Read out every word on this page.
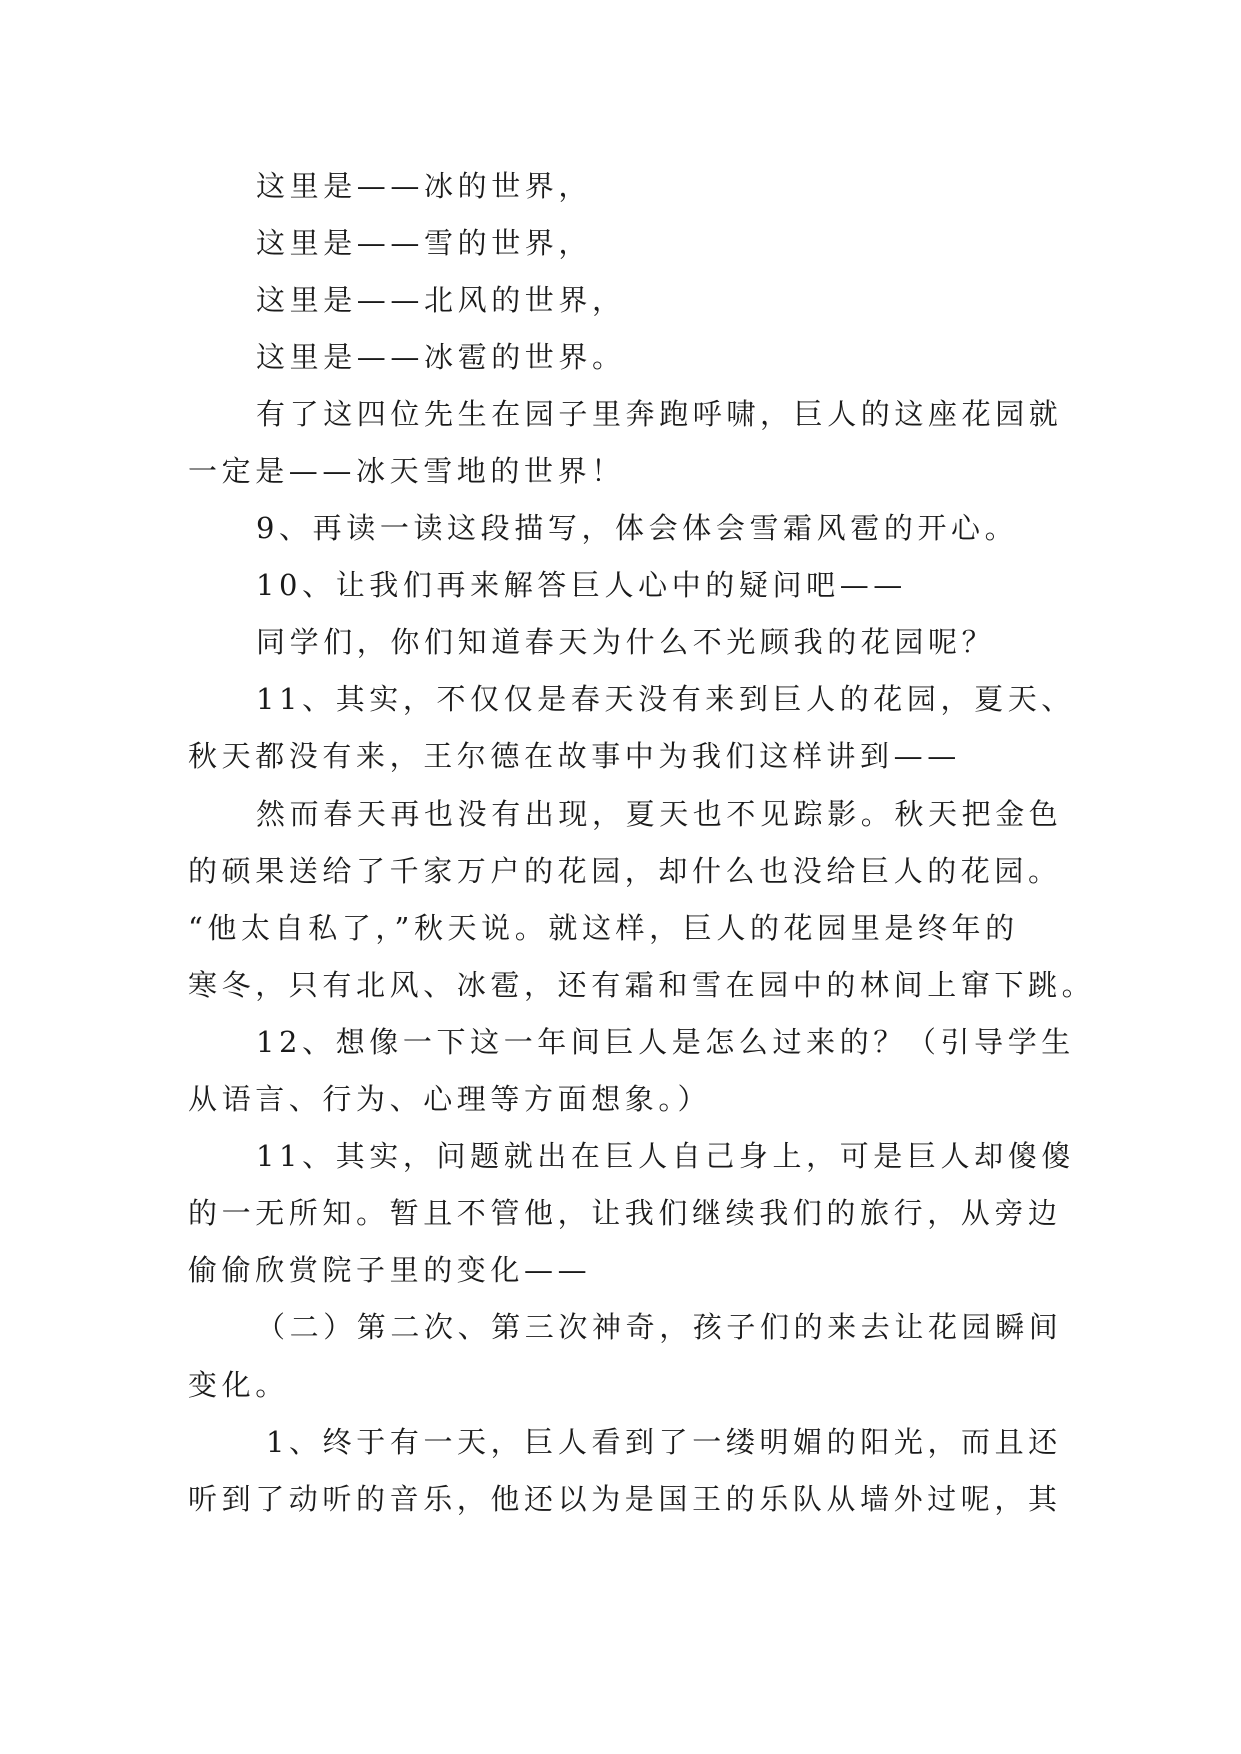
这里是——冰的世界，
这里是——雪的世界，
这里是——北风的世界，
这里是——冰雹的世界。
有了这四位先生在园子里奔跑呼啸，巨人的这座花园就
一定是——冰天雪地的世界！
9、再读一读这段描写，体会体会雪霜风雹的开心。
10、让我们再来解答巨人心中的疑问吧——
同学们，你们知道春天为什么不光顾我的花园呢？
11、其实，不仅仅是春天没有来到巨人的花园，夏天、
秋天都没有来，王尔德在故事中为我们这样讲到——
然而春天再也没有出现，夏天也不见踪影。秋天把金色
的硕果送给了千家万户的花园，却什么也没给巨人的花园。
“他太自私了，”秋天说。就这样，巨人的花园里是终年的
寒冬，只有北风、冰雹，还有霜和雪在园中的林间上窜下跳。
12、想像一下这一年间巨人是怎么过来的？（引导学生
从语言、行为、心理等方面想象。）
11、其实，问题就出在巨人自己身上，可是巨人却傻傻
的一无所知。暂且不管他，让我们继续我们的旅行，从旁边
偷偷欣赏院子里的变化——
（二）第二次、第三次神奇，孩子们的来去让花园瞬间
变化。
1、终于有一天，巨人看到了一缕明媚的阳光，而且还
听到了动听的音乐，他还以为是国王的乐队从墙外过呢，其
